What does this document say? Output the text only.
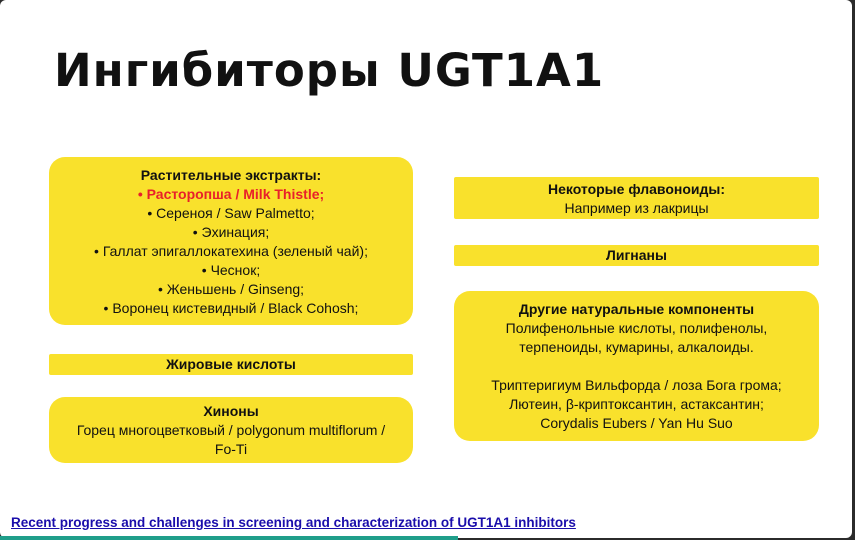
Ингибиторы UGT1A1
Растительные экстракты:
• Расторопша / Milk Thistle;
• Сереноя / Saw Palmetto;
• Эхинация;
• Галлат эпигаллокатехина (зеленый чай);
• Чеснок;
• Женьшень / Ginseng;
• Воронец кистевидный / Black Cohosh;
Жировые кислоты
Хиноны
Горец многоцветковый / polygonum multiflorum /
Fo-Ti
Некоторые флавоноиды:
Например из лакрицы
Лигнаны
Другие натуральные компоненты
Полифенольные кислоты, полифенолы,
терпеноиды, кумарины, алкалоиды.
Триптеригиум Вильфорда / лоза Бога грома;
Лютеин, β-криптоксантин, астаксантин;
Corydalis Eubers / Yan Hu Suo
Recent progress and challenges in screening and characterization of UGT1A1 inhibitors
